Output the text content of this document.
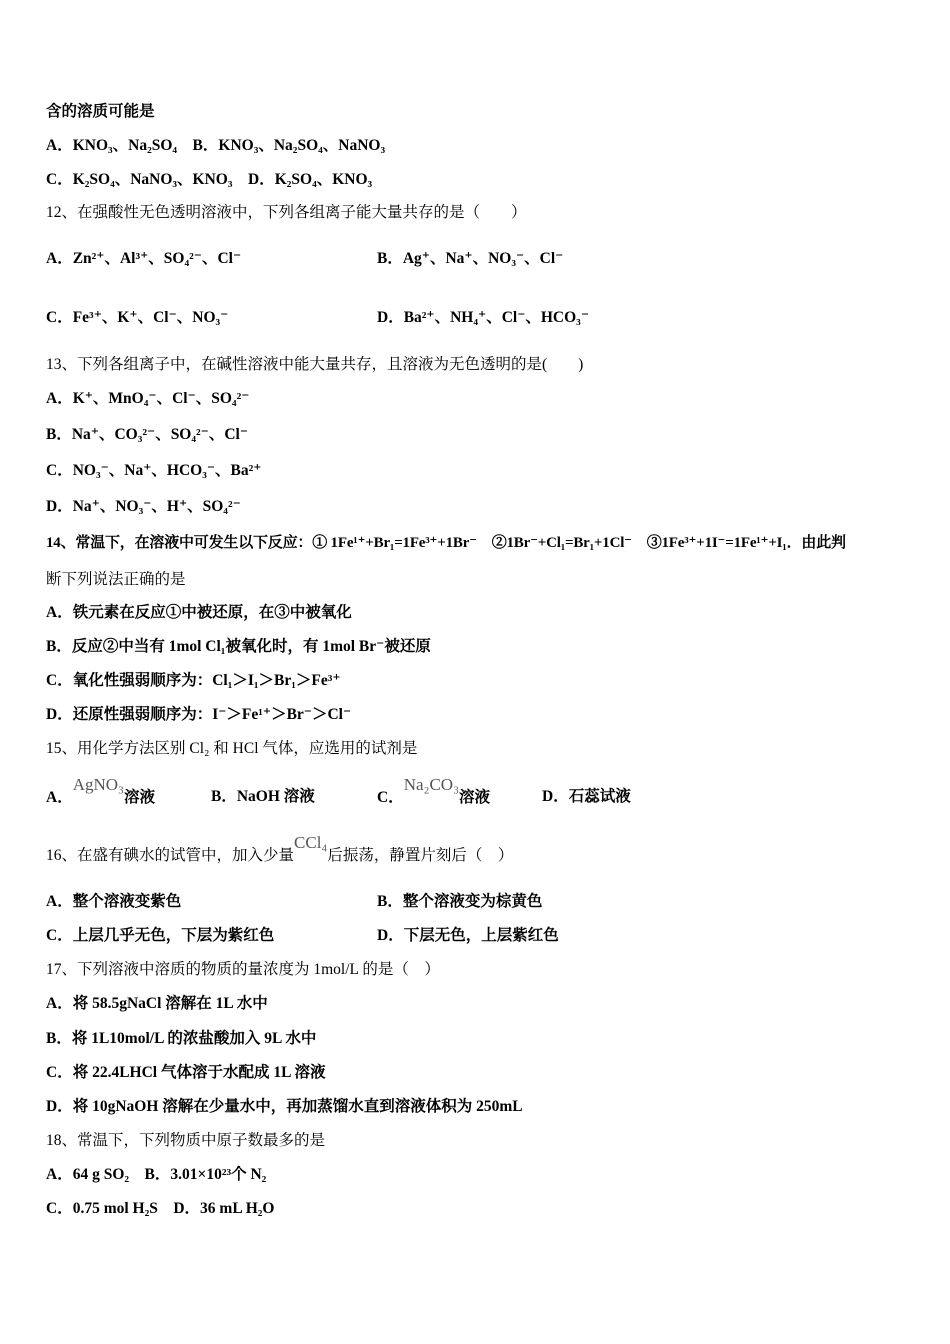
含的溶质可能是
A．KNO₃、Na₂SO₄　B．KNO₃、Na₂SO₄、NaNO₃
C．K₂SO₄、NaNO₃、KNO₃　D．K₂SO₄、KNO₃
12、在强酸性无色透明溶液中，下列各组离子能大量共存的是（　　）
A．Zn²⁺、Al³⁺、SO₄²⁻、Cl⁻	B．Ag⁺、Na⁺、NO₃⁻、Cl⁻
C．Fe³⁺、K⁺、Cl⁻、NO₃⁻	D．Ba²⁺、NH₄⁺、Cl⁻、HCO₃⁻
13、下列各组离子中，在碱性溶液中能大量共存，且溶液为无色透明的是(　　)
A．K⁺、MnO₄⁻、Cl⁻、SO₄²⁻
B．Na⁺、CO₃²⁻、SO₄²⁻、Cl⁻
C．NO₃⁻、Na⁺、HCO₃⁻、Ba²⁺
D．Na⁺、NO₃⁻、H⁺、SO₄²⁻
14、常温下，在溶液中可发生以下反应：① 1Fe¹⁺+Br₁=1Fe³⁺+1Br⁻　②1Br⁻+Cl₁=Br₁+1Cl⁻　③1Fe³⁺+1I⁻=1Fe¹⁺+I₁．由此判
断下列说法正确的是
A．铁元素在反应①中被还原，在③中被氧化
B．反应②中当有 1mol Cl₁被氧化时，有 1mol Br⁻被还原
C．氧化性强弱顺序为：Cl₁＞I₁＞Br₁＞Fe³⁺
D．还原性强弱顺序为：I⁻＞Fe¹⁺＞Br⁻＞Cl⁻
15、用化学方法区别 Cl₂ 和 HCl 气体，应选用的试剂是
A．AgNO₃溶液	B．NaOH 溶液	C．Na₂CO₃溶液	D．石蕊试液
16、在盛有碘水的试管中，加入少量CCl₄后振荡，静置片刻后（　）
A．整个溶液变紫色	B．整个溶液变为棕黄色
C．上层几乎无色，下层为紫红色	D．下层无色，上层紫红色
17、下列溶液中溶质的物质的量浓度为 1mol/L 的是（　）
A．将 58.5gNaCl 溶解在 1L 水中
B．将 1L10mol/L 的浓盐酸加入 9L 水中
C．将 22.4LHCl 气体溶于水配成 1L 溶液
D．将 10gNaOH 溶解在少量水中，再加蒸馏水直到溶液体积为 250mL
18、常温下，下列物质中原子数最多的是
A．64 g SO₂　B．3.01×10²³个 N₂
C．0.75 mol H₂S　D．36 mL H₂O
